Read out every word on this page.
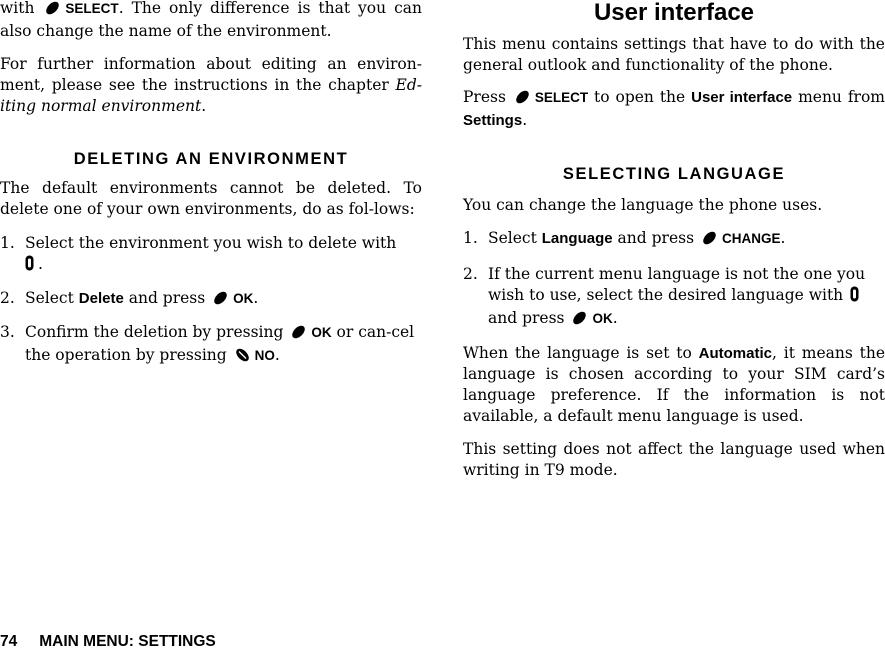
with SELECT. The only difference is that you can also change the name of the environment.

For further information about editing an environ-ment, please see the instructions in the chapter Ed-iting normal environment.

DELETING AN ENVIRONMENT

The default environments cannot be deleted. To delete one of your own environments, do as fol-lows:

1. Select the environment you wish to delete with
.
2. Select Delete and press OK.
3. Confirm the deletion by pressing OK or can-cel the operation by pressing NO.
User interface

This menu contains settings that have to do with the general outlook and functionality of the phone.

Press SELECT to open the User interface menu from Settings.

SELECTING LANGUAGE

You can change the language the phone uses.

1. Select Language and press CHANGE.
2. If the current menu language is not the one you wish to use, select the desired language with  and press OK.

When the language is set to Automatic, it means the language is chosen according to your SIM card’s language preference. If the information is not available, a default menu language is used.

This setting does not affect the language used when writing in T9 mode.

74 MAIN MENU: SETTINGS
